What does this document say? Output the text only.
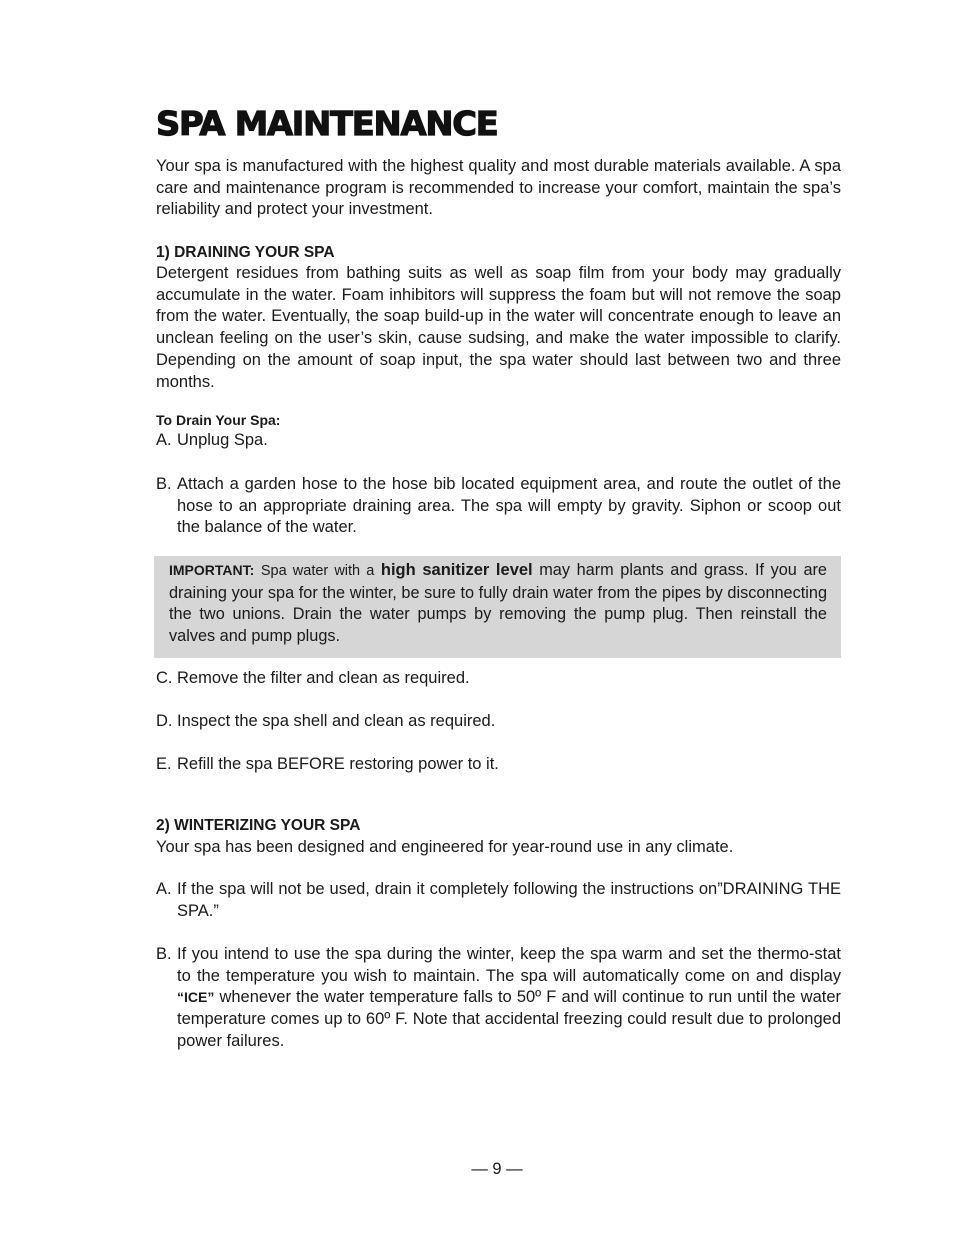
SPA MAINTENANCE

Your spa is manufactured with the highest quality and most durable materials available. A spa care and maintenance program is recommended to increase your comfort, maintain the spa’s reliability and protect your investment.

1) DRAINING YOUR SPA

Detergent residues from bathing suits as well as soap film from your body may gradually accumulate in the water. Foam inhibitors will suppress the foam but will not remove the soap from the water. Eventually, the soap build-up in the water will concentrate enough to leave an unclean feeling on the user’s skin, cause sudsing, and make the water impossible to clarify. Depending on the amount of soap input, the spa water should last between two and three months.

To Drain Your Spa:

A. Unplug Spa.
B. Attach a garden hose to the hose bib located equipment area, and route the outlet of the hose to an appropriate draining area. The spa will empty by gravity. Siphon or scoop out the balance of the water.

IMPORTANT: Spa water with a high sanitizer level may harm plants and grass. If you are draining your spa for the winter, be sure to fully drain water from the pipes by disconnecting the two unions. Drain the water pumps by removing the pump plug. Then reinstall the valves and pump plugs.

C. Remove the filter and clean as required.
D. Inspect the spa shell and clean as required.
E. Refill the spa BEFORE restoring power to it.

2) WINTERIZING YOUR SPA

Your spa has been designed and engineered for year-round use in any climate.

A. If the spa will not be used, drain it completely following the instructions on”DRAINING THE SPA.”
B. If you intend to use the spa during the winter, keep the spa warm and set the thermo-stat to the temperature you wish to maintain. The spa will automatically come on and display “ICE” whenever the water temperature falls to 50º F and will continue to run until the water temperature comes up to 60º F. Note that accidental freezing could result due to prolonged power failures.

— 9 —
